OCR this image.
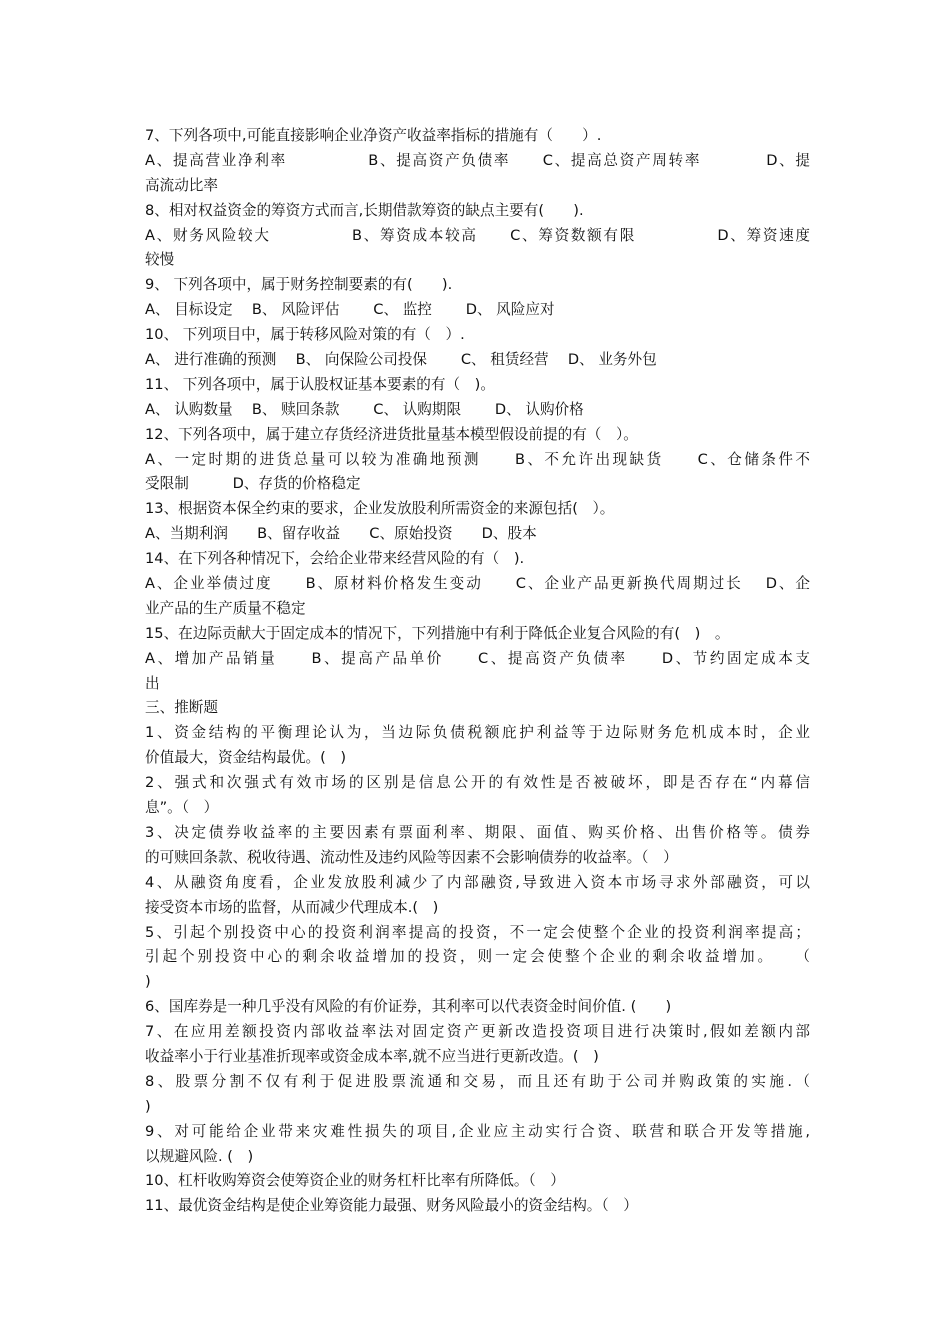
7、下列各项中,可能直接影响企业净资产收益率指标的措施有（　　）.
A、提高营业净利率　　　　　B、提高资产负债率　　C、提高总资产周转率　　　　D、提
高流动比率
8、相对权益资金的筹资方式而言,长期借款筹资的缺点主要有(　　).
A、财务风险较大　　　　　B、筹资成本较高　　C、筹资数额有限　　　　　D、筹资速度
较慢
9、 下列各项中，属于财务控制要素的有(　　).
A、 目标设定　 B、 风险评估　　 C、 监控　　 D、 风险应对
10、 下列项目中，属于转移风险对策的有（　）.
A、 进行准确的预测　 B、 向保险公司投保　　 C、 租赁经营　 D、 业务外包
11、 下列各项中，属于认股权证基本要素的有（　)。
A、 认购数量　 B、 赎回条款　　 C、 认购期限　　 D、 认购价格
12、下列各项中，属于建立存货经济进货批量基本模型假设前提的有（　）。
A、一定时期的进货总量可以较为准确地预测　　B、不允许出现缺货　　C、仓储条件不
受限制　　　D、存货的价格稳定
13、根据资本保全约束的要求，企业发放股利所需资金的来源包括(　）。
A、当期利润　　B、留存收益　　C、原始投资　　D、股本
14、在下列各种情况下，会给企业带来经营风险的有（　).
A、企业举债过度　　B、原材料价格发生变动　　C、企业产品更新换代周期过长　 D、企
业产品的生产质量不稳定
15、在边际贡献大于固定成本的情况下，下列措施中有利于降低企业复合风险的有(　)　。
A、增加产品销量　　B、提高产品单价　　C、提高资产负债率　　D、节约固定成本支
出
三、推断题
1、资金结构的平衡理论认为，当边际负债税额庇护利益等于边际财务危机成本时，企业
价值最大，资金结构最优。(　)
2、强式和次强式有效市场的区别是信息公开的有效性是否被破坏，即是否存在“内幕信
息”。（　）
3、决定债券收益率的主要因素有票面利率、期限、面值、购买价格、出售价格等。债券
的可赎回条款、税收待遇、流动性及违约风险等因素不会影响债券的收益率。（　）
4、从融资角度看，企业发放股利减少了内部融资,导致进入资本市场寻求外部融资，可以
接受资本市场的监督，从而减少代理成本.(　)
5、引起个别投资中心的投资利润率提高的投资，不一定会使整个企业的投资利润率提高；
引起个别投资中心的剩余收益增加的投资，则一定会使整个企业的剩余收益增加。　　（
)
6、国库券是一种几乎没有风险的有价证券，其利率可以代表资金时间价值. (　　)
7、在应用差额投资内部收益率法对固定资产更新改造投资项目进行决策时,假如差额内部
收益率小于行业基准折现率或资金成本率,就不应当进行更新改造。(　)
8、股票分割不仅有利于促进股票流通和交易，而且还有助于公司并购政策的实施.（
)
9、对可能给企业带来灾难性损失的项目,企业应主动实行合资、联营和联合开发等措施,
以规避风险. (　)
10、杠杆收购筹资会使筹资企业的财务杠杆比率有所降低。（　）
11、最优资金结构是使企业筹资能力最强、财务风险最小的资金结构。（　）
